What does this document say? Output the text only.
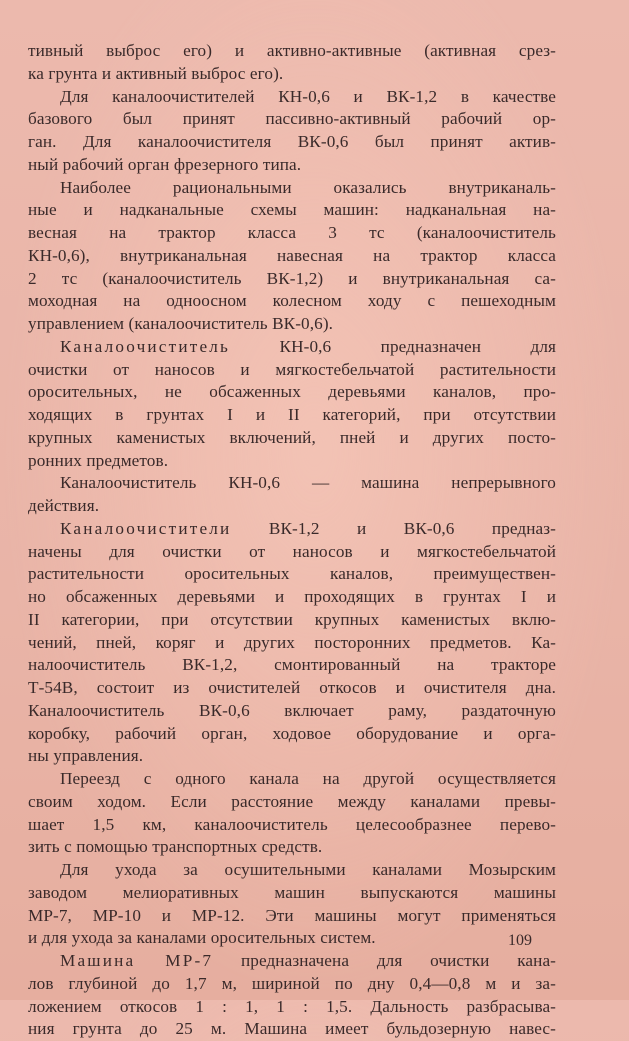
тивный выброс его) и активно-активные (активная срез-
ка грунта и активный выброс его).
Для каналоочистителей КН-0,6 и ВК-1,2 в качестве
базового был принят пассивно-активный рабочий ор-
ган. Для каналоочистителя ВК-0,6 был принят актив-
ный рабочий орган фрезерного типа.
Наиболее рациональными оказались внутриканаль-
ные и надканальные схемы машин: надканальная на-
весная на трактор класса 3 тс (каналоочиститель
КН-0,6), внутриканальная навесная на трактор класса
2 тс (каналоочиститель ВК-1,2) и внутриканальная са-
моходная на одноосном колесном ходу с пешеходным
управлением (каналоочиститель ВК-0,6).
Каналоочиститель КН-0,6 предназначен для
очистки от наносов и мягкостебельчатой растительности
оросительных, не обсаженных деревьями каналов, про-
ходящих в грунтах I и II категорий, при отсутствии
крупных каменистых включений, пней и других посто-
ронних предметов.
Каналоочиститель КН-0,6 — машина непрерывного
действия.
Каналоочистители ВК-1,2 и ВК-0,6 предназ-
начены для очистки от наносов и мягкостебельчатой
растительности оросительных каналов, преимуществен-
но обсаженных деревьями и проходящих в грунтах I и
II категории, при отсутствии крупных каменистых вклю-
чений, пней, коряг и других посторонних предметов. Ка-
налоочиститель ВК-1,2, смонтированный на тракторе
Т-54В, состоит из очистителей откосов и очистителя дна.
Каналоочиститель ВК-0,6 включает раму, раздаточную
коробку, рабочий орган, ходовое оборудование и орга-
ны управления.
Переезд с одного канала на другой осуществляется
своим ходом. Если расстояние между каналами превы-
шает 1,5 км, каналоочиститель целесообразнее перево-
зить с помощью транспортных средств.
Для ухода за осушительными каналами Мозырским
заводом мелиоративных машин выпускаются машины
МР-7, МР-10 и МР-12. Эти машины могут применяться
и для ухода за каналами оросительных систем.
Машина МР-7 предназначена для очистки кана-
лов глубиной до 1,7 м, шириной по дну 0,4—0,8 м и за-
ложением откосов 1 : 1, 1 : 1,5. Дальность разбрасыва-
ния грунта до 25 м. Машина имеет бульдозерную навес-
109
